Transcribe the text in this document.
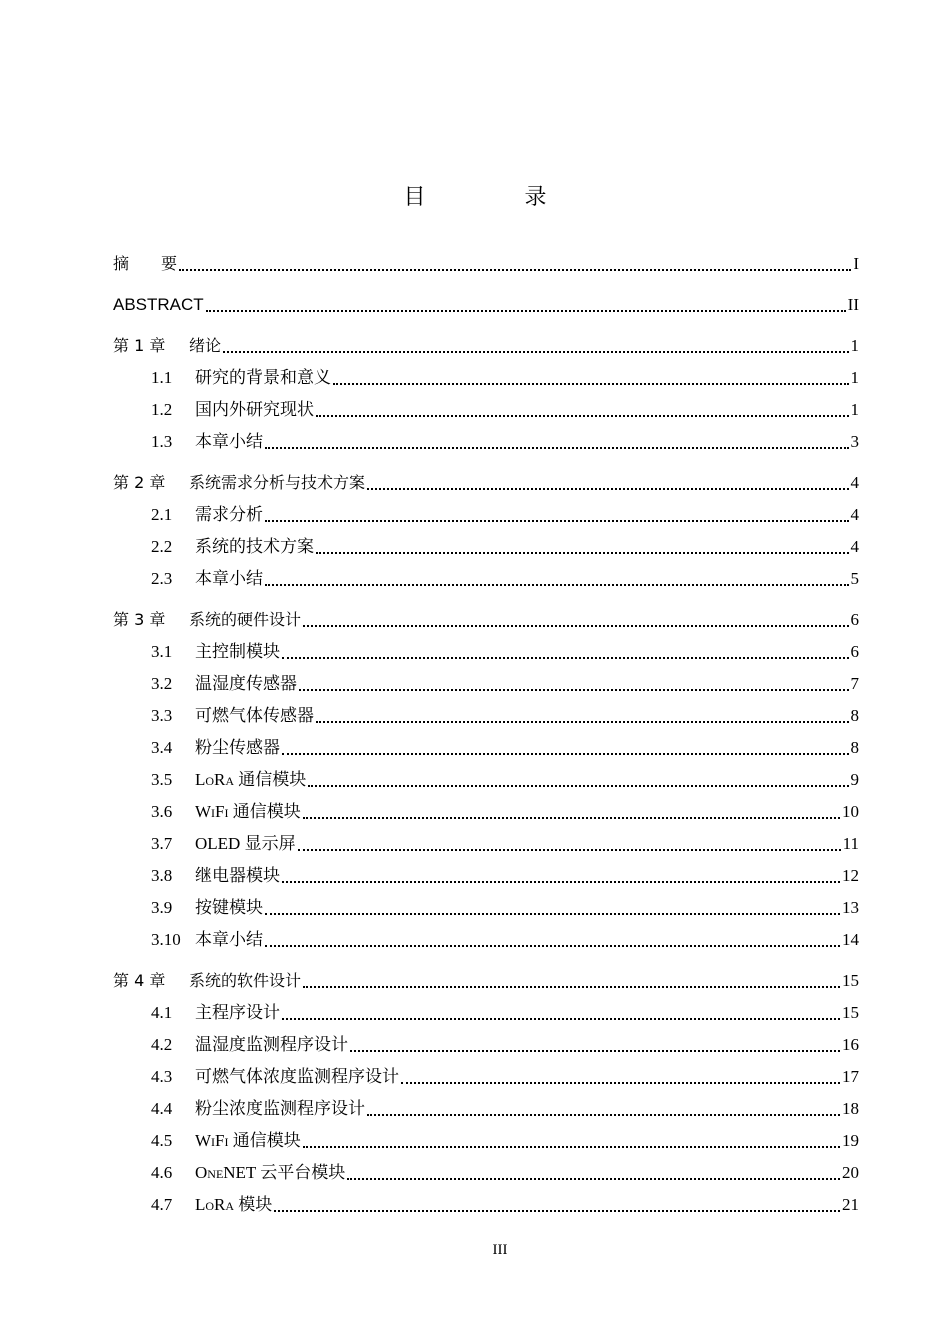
目 录
摘　　要	I
ABSTRACT	II
第 1 章	绪论	1
1.1	研究的背景和意义	1
1.2	国内外研究现状	1
1.3	本章小结	3
第 2 章	系统需求分析与技术方案	4
2.1	需求分析	4
2.2	系统的技术方案	4
2.3	本章小结	5
第 3 章	系统的硬件设计	6
3.1	主控制模块	6
3.2	温湿度传感器	7
3.3	可燃气体传感器	8
3.4	粉尘传感器	8
3.5	LoRa 通信模块	9
3.6	WiFi 通信模块	10
3.7	OLED 显示屏	11
3.8	继电器模块	12
3.9	按键模块	13
3.10 本章小结	14
第 4 章	系统的软件设计	15
4.1	主程序设计	15
4.2	温湿度监测程序设计	16
4.3	可燃气体浓度监测程序设计	17
4.4	粉尘浓度监测程序设计	18
4.5	WiFi 通信模块	19
4.6	OneNET 云平台模块	20
4.7	LoRa 模块	21
III
